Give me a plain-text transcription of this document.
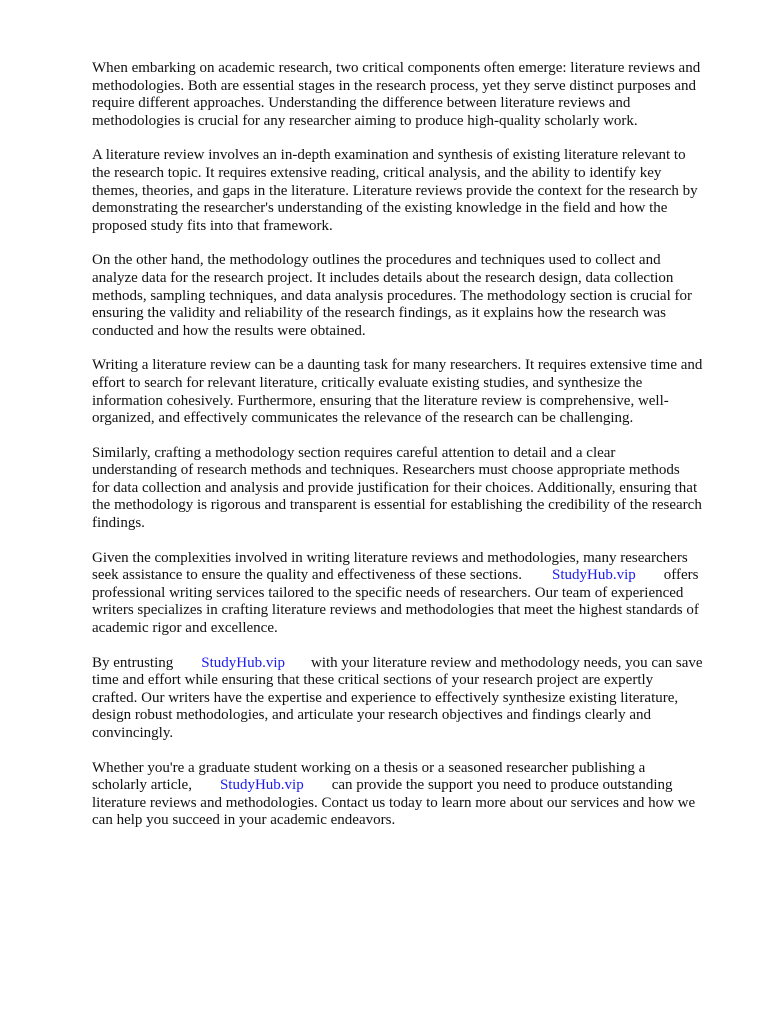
When embarking on academic research, two critical components often emerge: literature reviews and
methodologies. Both are essential stages in the research process, yet they serve distinct purposes and
require different approaches. Understanding the difference between literature reviews and
methodologies is crucial for any researcher aiming to produce high-quality scholarly work.

A literature review involves an in-depth examination and synthesis of existing literature relevant to
the research topic. It requires extensive reading, critical analysis, and the ability to identify key
themes, theories, and gaps in the literature. Literature reviews provide the context for the research by
demonstrating the researcher's understanding of the existing knowledge in the field and how the
proposed study fits into that framework.

On the other hand, the methodology outlines the procedures and techniques used to collect and
analyze data for the research project. It includes details about the research design, data collection
methods, sampling techniques, and data analysis procedures. The methodology section is crucial for
ensuring the validity and reliability of the research findings, as it explains how the research was
conducted and how the results were obtained.

Writing a literature review can be a daunting task for many researchers. It requires extensive time and
effort to search for relevant literature, critically evaluate existing studies, and synthesize the
information cohesively. Furthermore, ensuring that the literature review is comprehensive, well-
organized, and effectively communicates the relevance of the research can be challenging.

Similarly, crafting a methodology section requires careful attention to detail and a clear
understanding of research methods and techniques. Researchers must choose appropriate methods
for data collection and analysis and provide justification for their choices. Additionally, ensuring that
the methodology is rigorous and transparent is essential for establishing the credibility of the research
findings.

Given the complexities involved in writing literature reviews and methodologies, many researchers
seek assistance to ensure the quality and effectiveness of these sections. StudyHub.vip offers
professional writing services tailored to the specific needs of researchers. Our team of experienced
writers specializes in crafting literature reviews and methodologies that meet the highest standards of
academic rigor and excellence.

By entrusting StudyHub.vip with your literature review and methodology needs, you can save
time and effort while ensuring that these critical sections of your research project are expertly
crafted. Our writers have the expertise and experience to effectively synthesize existing literature,
design robust methodologies, and articulate your research objectives and findings clearly and
convincingly.

Whether you're a graduate student working on a thesis or a seasoned researcher publishing a
scholarly article, StudyHub.vip can provide the support you need to produce outstanding
literature reviews and methodologies. Contact us today to learn more about our services and how we
can help you succeed in your academic endeavors.
